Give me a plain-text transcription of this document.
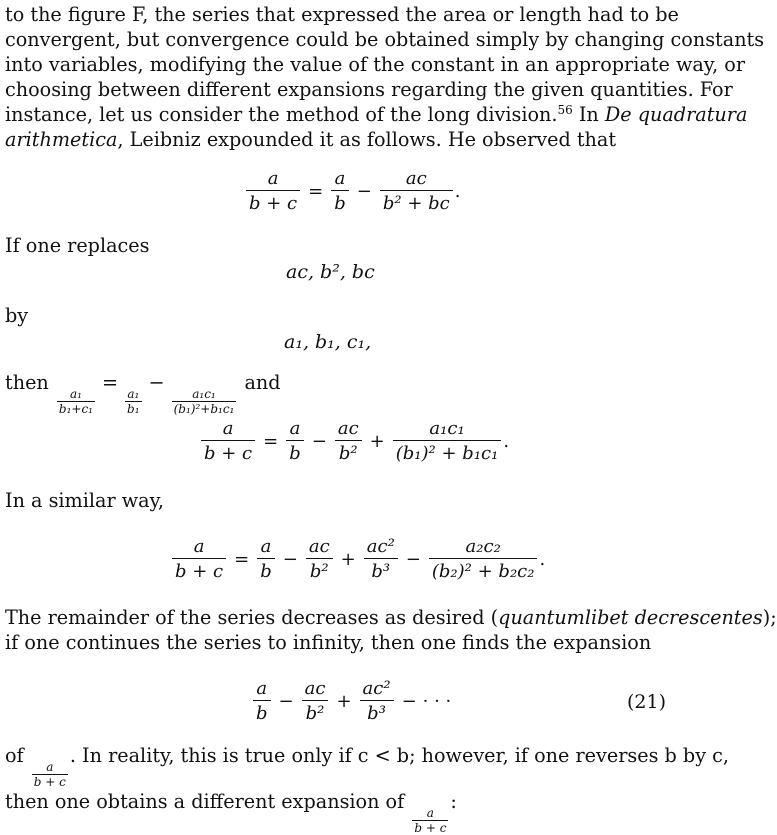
to the figure F, the series that expressed the area or length had to be
convergent, but convergence could be obtained simply by changing constants
into variables, modifying the value of the constant in an appropriate way, or
choosing between different expansions regarding the given quantities. For
instance, let us consider the method of the long division.$^{56}$ In De quadratura
arithmetica, Leibniz expounded it as follows. He observed that
$\frac{a}{b + c} = \frac{a}{b} - \frac{ac}{\text{b² + bc}}$ .
If one replaces
ac, b², bc
by
a₁, b₁, c₁,
then
$\frac{\text{a₁}}{\text{b₁+c₁}}$
=
$\frac{\text{a₁}}{\text{b₁}}$
−
$\frac{\text{a₁c₁}}{\text{(b₁)²+b₁c₁}}$
and
$\frac{a}{b + c} = \frac{a}{b} - \frac{ac}{\text{b²}} + \frac{\text{a₁c₁}}{\text{(b₁)² + b₁c₁}}$ .
In a similar way,
$\frac{a}{b + c} = \frac{a}{b} - \frac{ac}{\text{b²}} + \frac{\text{ac²}}{\text{b³}} - \frac{\text{a₂c₂}}{\text{(b₂)² + b₂c₂}}$ .
The remainder of the series decreases as desired (quantumlibet decrescentes);
if one continues the series to infinity, then one finds the expansion
$\frac{a}{b} - \frac{ac}{\text{b²}} + \frac{\text{ac²}}{\text{b³}}$ − · · ·	(21)
of
$\frac{a}{b + c}$
. In reality, this is true only if c < b; however, if one reverses b by c,
then one obtains a different expansion of
$\frac{a}{b + c}$
:
